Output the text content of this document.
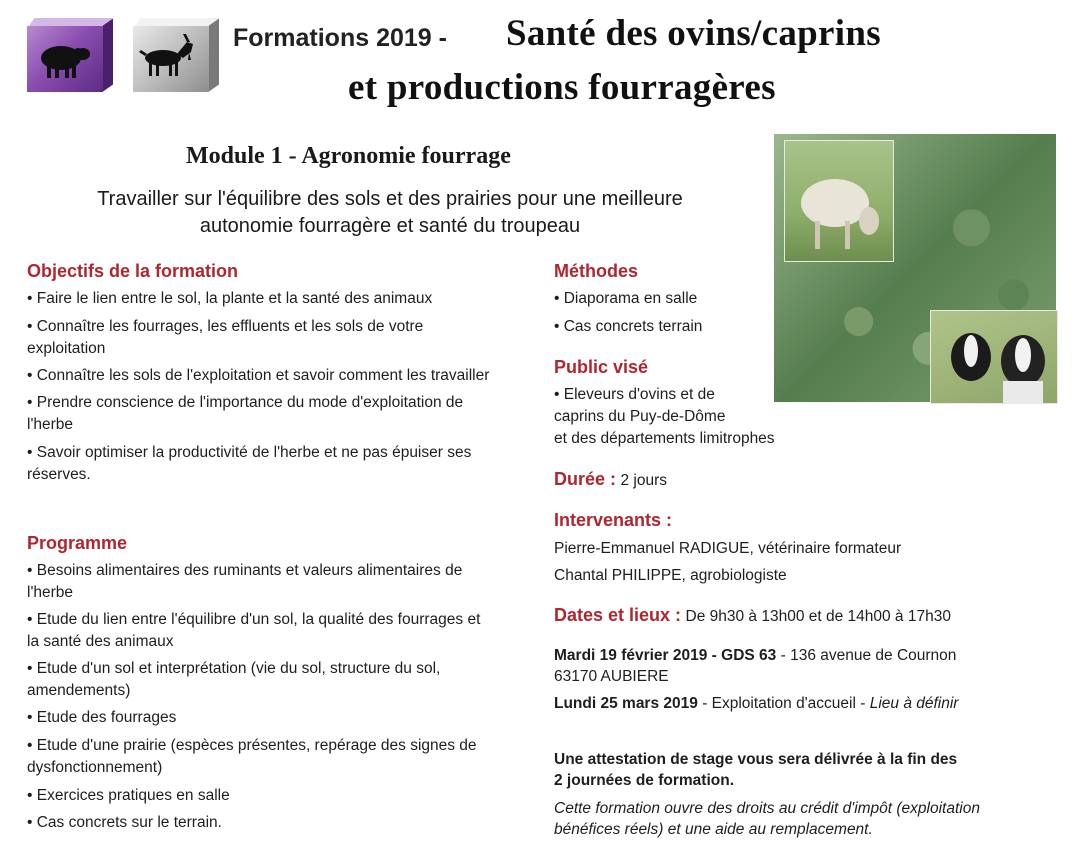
Formations 2019 - Santé des ovins/caprins
et productions fourragères
Module 1 - Agronomie fourrage
Travailler sur l'équilibre des sols et des prairies pour une meilleure
autonomie fourragère et santé du troupeau
Objectifs de la formation
• Faire le lien entre le sol, la plante et la santé des animaux
• Connaître les fourrages, les effluents et les sols de votre
exploitation
• Connaître les sols de l'exploitation et savoir comment les travailler
• Prendre conscience de l'importance du mode d'exploitation de
l'herbe
• Savoir optimiser la productivité de l'herbe et ne pas épuiser ses
réserves.
Programme
• Besoins alimentaires des ruminants et valeurs alimentaires de
l'herbe
• Etude du lien entre l'équilibre d'un sol, la qualité des fourrages et
la santé des animaux
• Etude d'un sol et interprétation (vie du sol, structure du sol,
amendements)
• Etude des fourrages
• Etude d'une prairie (espèces présentes, repérage des signes de
dysfonctionnement)
• Exercices pratiques en salle
• Cas concrets sur le terrain.
Méthodes
• Diaporama en salle
• Cas concrets terrain
Public visé
• Eleveurs d'ovins et de
caprins du Puy-de-Dôme
et des départements limitrophes
Durée : 2 jours
Intervenants :
Pierre-Emmanuel RADIGUE, vétérinaire formateur
Chantal PHILIPPE, agrobiologiste
Dates et lieux : De 9h30 à 13h00 et de 14h00 à 17h30
Mardi 19 février 2019 - GDS 63 - 136 avenue de Cournon
63170 AUBIERE
Lundi 25 mars 2019 - Exploitation d'accueil - Lieu à définir
Une attestation de stage vous sera délivrée à la fin des
2 journées de formation.
Cette formation ouvre des droits au crédit d'impôt (exploitation
bénéfices réels) et une aide au remplacement.
